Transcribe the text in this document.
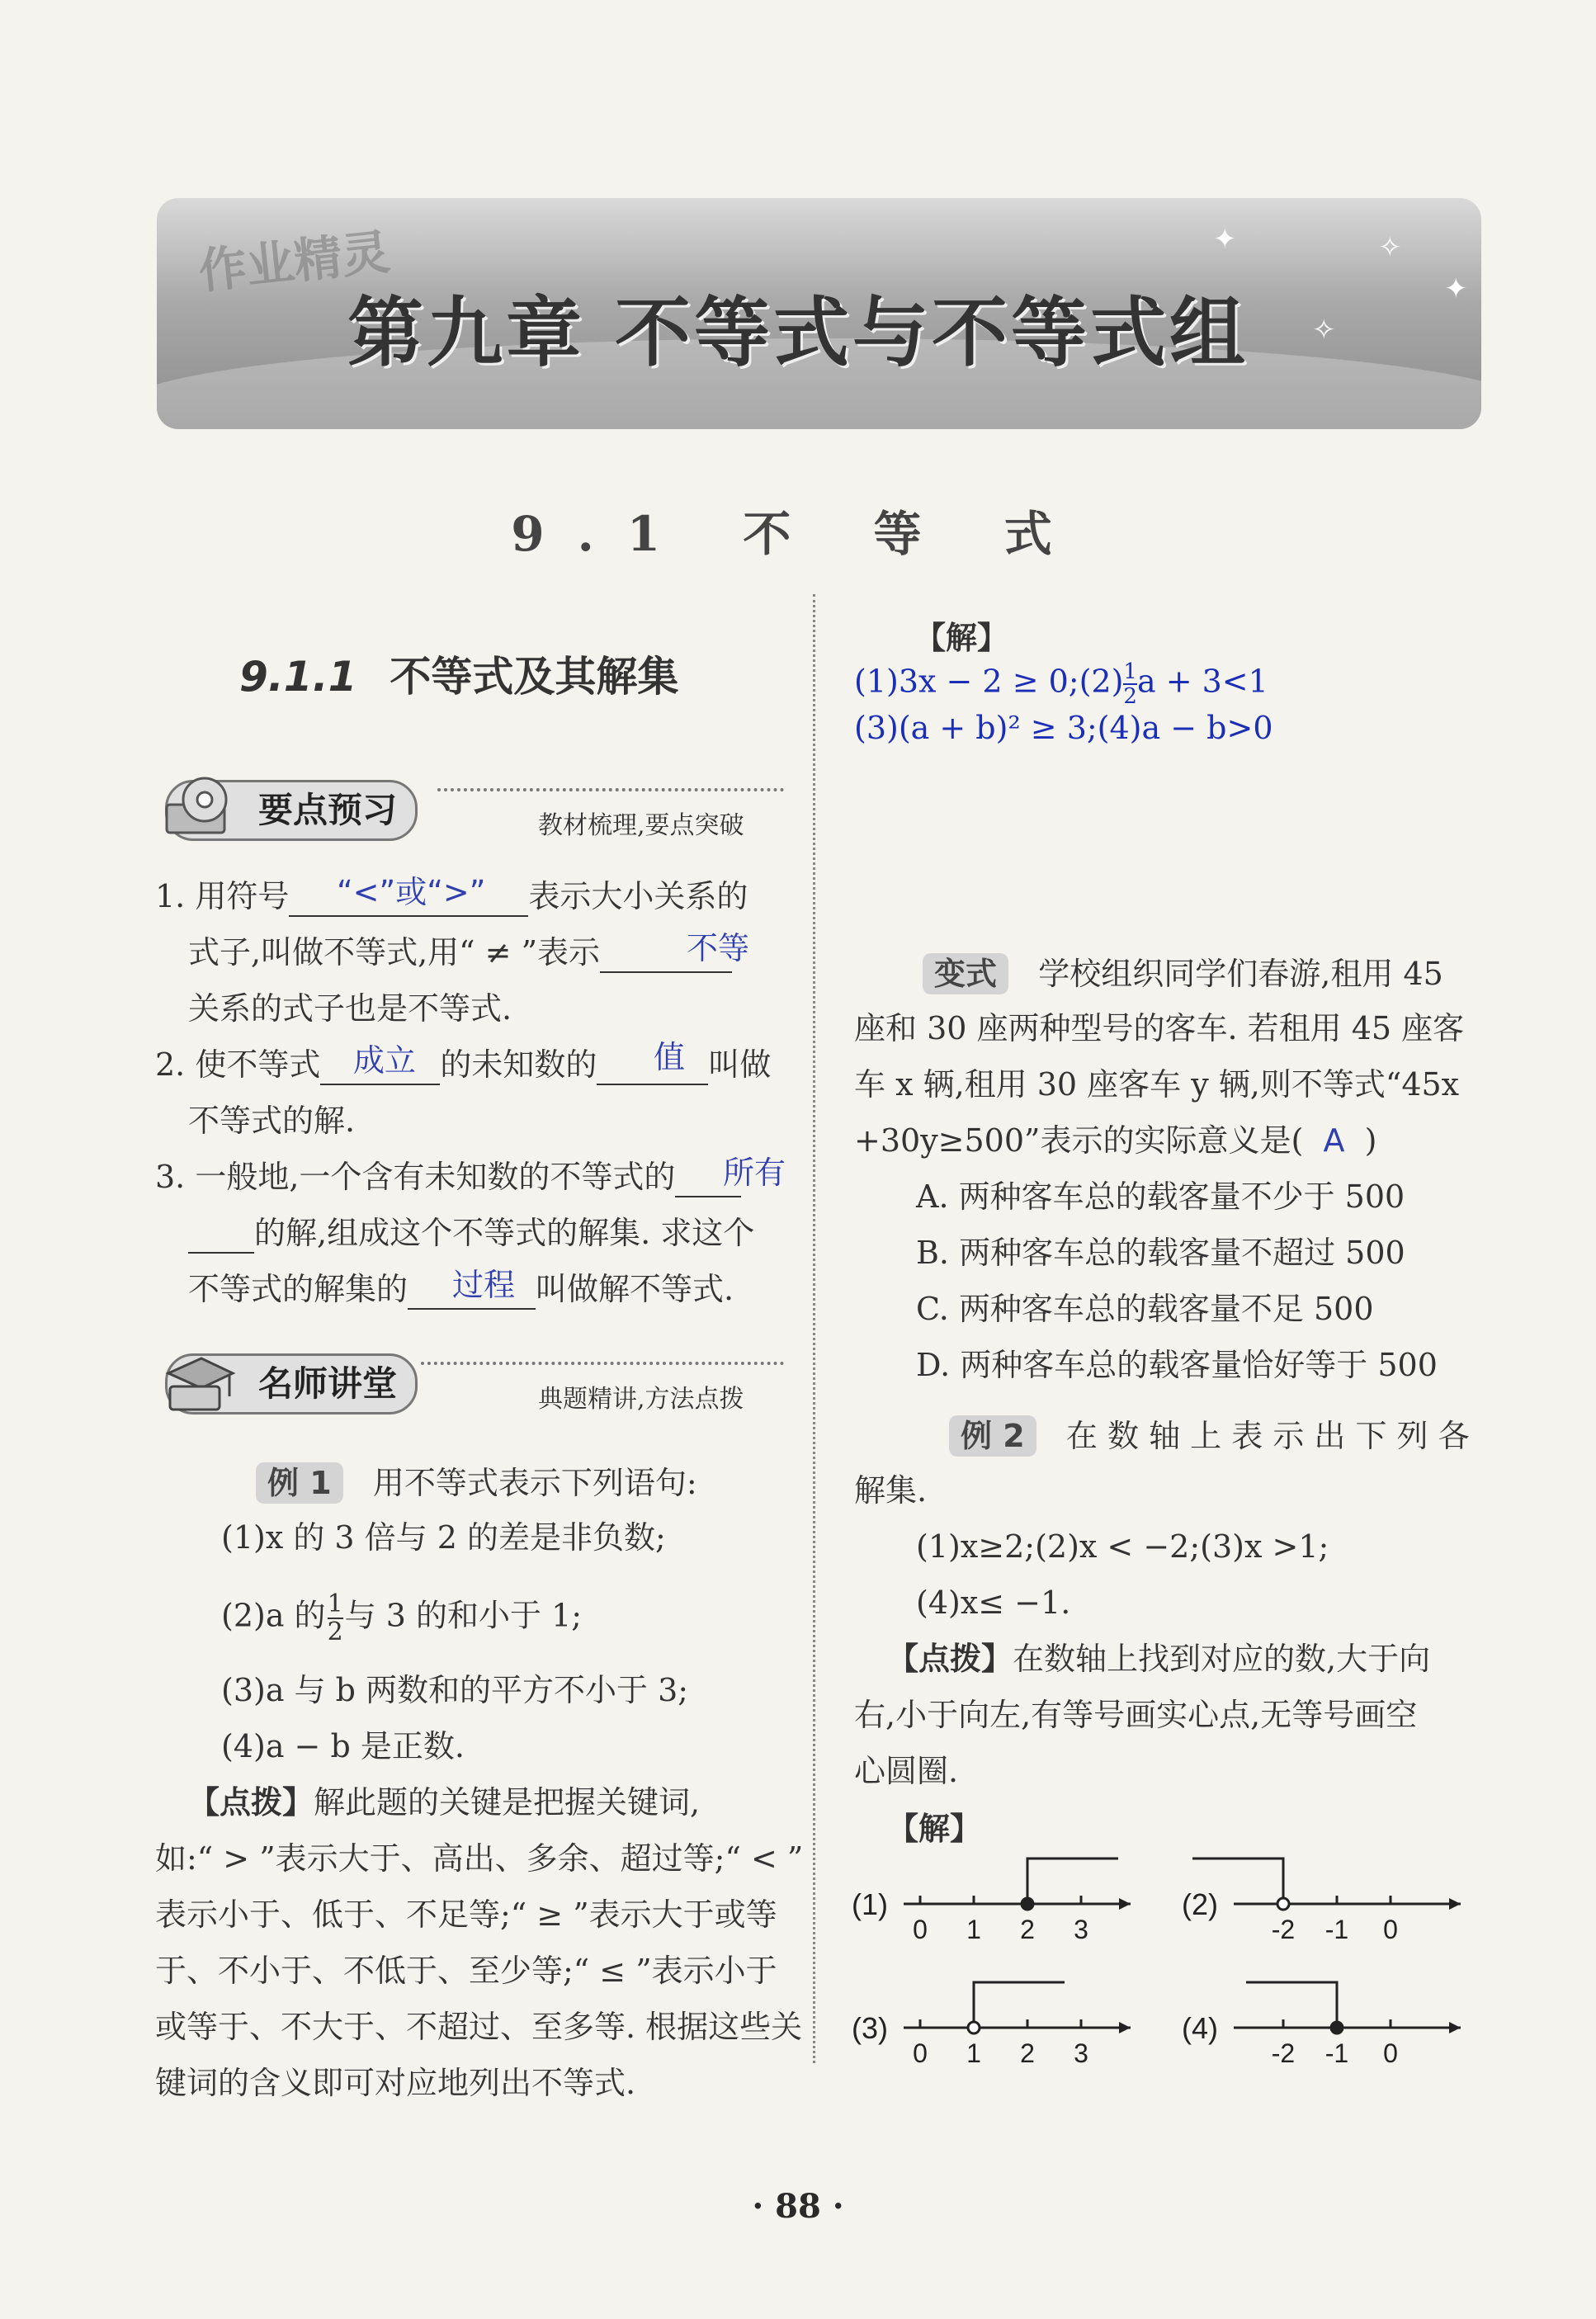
✦	✧
✦
✧
作业精灵
第九章 不等式与不等式组
9.1 不 等 式
9.1.1 不等式及其解集
要点预习	教材梳理,要点突破
1. 用符号	表示大小关系的
“<”或“>”
式子,叫做不等式,用“ ≠ ”表示	不等
关系的式子也是不等式.
2. 使不等式	的未知数的	叫做
成立	值
不等式的解.
3. 一般地,一个含有未知数的不等式的	所有
的解,组成这个不等式的解集. 求这个
不等式的解集的	叫做解不等式.
过程
名师讲堂	典题精讲,方法点拨
例 1 用不等式表示下列语句:
(1)x 的 3 倍与 2 的差是非负数;
(2)a 的 $\frac{1}{2}$ 与 3 的和小于 1;
(3)a 与 b 两数和的平方不小于 3;
(4)a − b 是正数.
【点拨】解此题的关键是把握关键词,
如:“ > ”表示大于、高出、多余、超过等;“ < ”
表示小于、低于、不足等;“ ≥ ”表示大于或等
于、不小于、不低于、至少等;“ ≤ ”表示小于
或等于、不大于、不超过、至多等. 根据这些关
键词的含义即可对应地列出不等式.
【解】
(1)3x − 2 ≥ 0;(2) $\frac{1}{2}$ a + 3<1
(3)(a + b)² ≥ 3;(4)a − b>0
变式 学校组织同学们春游,租用 45
座和 30 座两种型号的客车. 若租用 45 座客
车 x 辆,租用 30 座客车 y 辆,则不等式“45x
+30y≥500”表示的实际意义是( A )
A. 两种客车总的载客量不少于 500
B. 两种客车总的载客量不超过 500
C. 两种客车总的载客量不足 500
D. 两种客车总的载客量恰好等于 500
例 2 在 数 轴 上 表 示 出 下 列 各
解集.
(1)x≥2;(2)x < −2;(3)x >1;
(4)x≤ −1.
【点拨】在数轴上找到对应的数,大于向
右,小于向左,有等号画实心点,无等号画空
心圆圈.
【解】
(1)
0 1 2 3
(2)
-2 -1 0
(3)
0 1 2 3
(4)
-2 -1 0
· 88 ·
